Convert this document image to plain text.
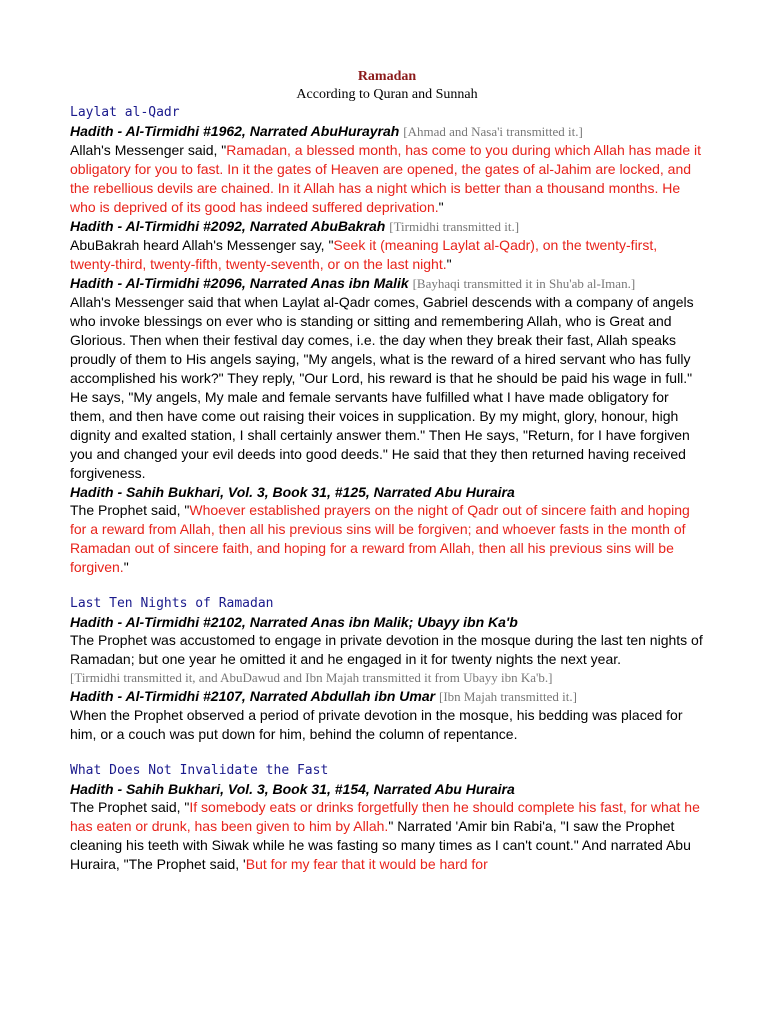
Ramadan

According to Quran and Sunnah

Laylat al-Qadr

Hadith - Al-Tirmidhi #1962, Narrated AbuHurayrah [Ahmad and Nasa'i transmitted it.]

Allah's Messenger said, "Ramadan, a blessed month, has come to you during which Allah has made it obligatory for you to fast. In it the gates of Heaven are opened, the gates of al-Jahim are locked, and the rebellious devils are chained. In it Allah has a night which is better than a thousand months. He who is deprived of its good has indeed suffered deprivation."

Hadith - Al-Tirmidhi #2092, Narrated AbuBakrah [Tirmidhi transmitted it.]

AbuBakrah heard Allah's Messenger say, "Seek it (meaning Laylat al-Qadr), on the twenty-first, twenty-third, twenty-fifth, twenty-seventh, or on the last night."

Hadith - Al-Tirmidhi #2096, Narrated Anas ibn Malik [Bayhaqi transmitted it in Shu'ab al-Iman.]

Allah's Messenger said that when Laylat al-Qadr comes, Gabriel descends with a company of angels who invoke blessings on ever who is standing or sitting and remembering Allah, who is Great and Glorious. Then when their festival day comes, i.e. the day when they break their fast, Allah speaks proudly of them to His angels saying, "My angels, what is the reward of a hired servant who has fully accomplished his work?" They reply, "Our Lord, his reward is that he should be paid his wage in full." He says, "My angels, My male and female servants have fulfilled what I have made obligatory for them, and then have come out raising their voices in supplication. By my might, glory, honour, high dignity and exalted station, I shall certainly answer them." Then He says, "Return, for I have forgiven you and changed your evil deeds into good deeds." He said that they then returned having received forgiveness.

Hadith - Sahih Bukhari, Vol. 3, Book 31, #125, Narrated Abu Huraira

The Prophet said, "Whoever established prayers on the night of Qadr out of sincere faith and hoping for a reward from Allah, then all his previous sins will be forgiven; and whoever fasts in the month of Ramadan out of sincere faith, and hoping for a reward from Allah, then all his previous sins will be forgiven."

Last Ten Nights of Ramadan

Hadith - Al-Tirmidhi #2102, Narrated Anas ibn Malik; Ubayy ibn Ka'b

The Prophet was accustomed to engage in private devotion in the mosque during the last ten nights of Ramadan; but one year he omitted it and he engaged in it for twenty nights the next year.

[Tirmidhi transmitted it, and AbuDawud and Ibn Majah transmitted it from Ubayy ibn Ka'b.]

Hadith - Al-Tirmidhi #2107, Narrated Abdullah ibn Umar [Ibn Majah transmitted it.]

When the Prophet observed a period of private devotion in the mosque, his bedding was placed for him, or a couch was put down for him, behind the column of repentance.

What Does Not Invalidate the Fast

Hadith - Sahih Bukhari, Vol. 3, Book 31, #154, Narrated Abu Huraira

The Prophet said, "If somebody eats or drinks forgetfully then he should complete his fast, for what he has eaten or drunk, has been given to him by Allah." Narrated 'Amir bin Rabi'a, "I saw the Prophet cleaning his teeth with Siwak while he was fasting so many times as I can't count." And narrated Abu Huraira, "The Prophet said, 'But for my fear that it would be hard for
